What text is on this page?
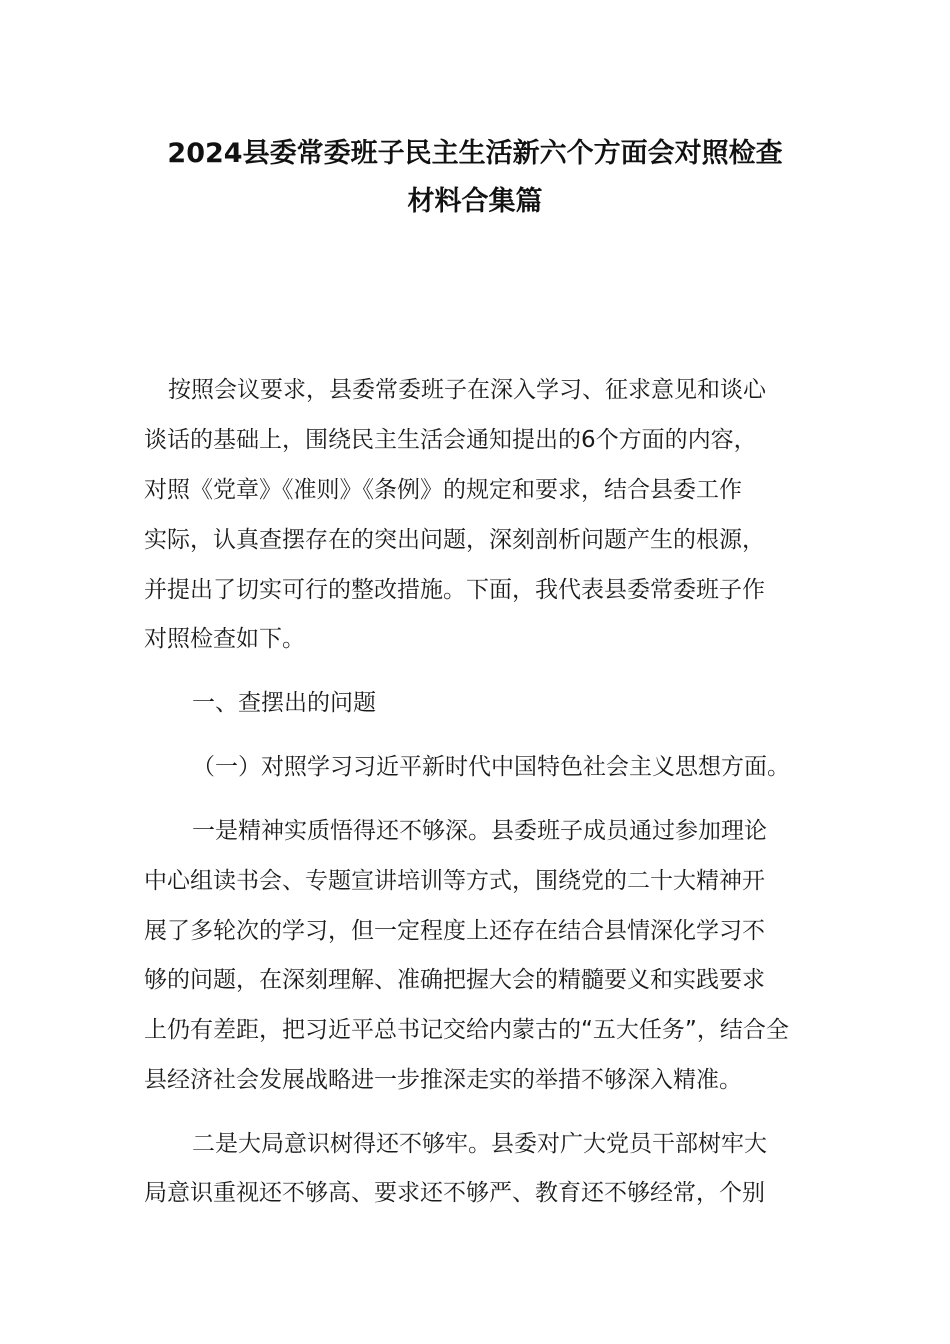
2024县委常委班子民主生活新六个方面会对照检查
材料合集篇
按照会议要求，县委常委班子在深入学习、征求意见和谈心
谈话的基础上，围绕民主生活会通知提出的6个方面的内容，
对照《党章》《准则》《条例》的规定和要求，结合县委工作
实际，认真查摆存在的突出问题，深刻剖析问题产生的根源，
并提出了切实可行的整改措施。下面，我代表县委常委班子作
对照检查如下。
一、查摆出的问题
（一）对照学习习近平新时代中国特色社会主义思想方面。
一是精神实质悟得还不够深。县委班子成员通过参加理论
中心组读书会、专题宣讲培训等方式，围绕党的二十大精神开
展了多轮次的学习，但一定程度上还存在结合县情深化学习不
够的问题，在深刻理解、准确把握大会的精髓要义和实践要求
上仍有差距，把习近平总书记交给内蒙古的“五大任务”，结合全
县经济社会发展战略进一步推深走实的举措不够深入精准。
二是大局意识树得还不够牢。县委对广大党员干部树牢大
局意识重视还不够高、要求还不够严、教育还不够经常，个别
